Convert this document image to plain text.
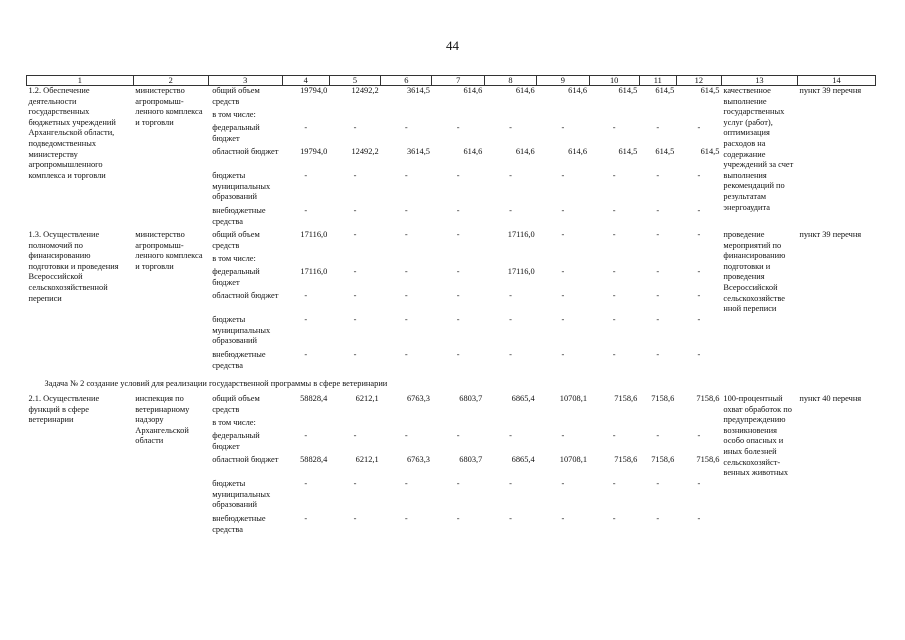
44
1	2	3	4	5	6	7	8	9	10	11	12	13	14
1.2. Обеспечение деятельности государственных бюджетных учреждений Архангельской области, подведомственных министерству агропромышленного комплекса и торговли	министерство агропромыш-ленного комплекса и торговли	общий объем средств	19794,0	12492,2	3614,5	614,6	614,6	614,6	614,5	614,5	614,5	качественное выполнение государственных услуг (работ), оптимизация расходов на содержание учреждений за счет выполнения рекомендаций по результатам энергоаудита	пункт 39 перечня
		в том числе:											
		федеральный бюджет	-	-	-	-	-	-	-	-	-		
		областной бюджет	19794,0	12492,2	3614,5	614,6	614,6	614,6	614,5	614,5	614,5		
		бюджеты муниципальных образований	-	-	-	-	-	-	-	-	-		
		внебюджетные средства	-	-	-	-	-	-	-	-	-		
1.3. Осуществление полномочий по финансированию подготовки и проведения Всероссийской сельскохозяйственной переписи	министерство агропромыш-ленного комплекса и торговли	общий объем средств	17116,0	-	-	-	17116,0	-	-	-	-	проведение мероприятий по финансированию подготовки и проведения Всероссийской сельскохозяйстве нной переписи	пункт 39 перечня
		в том числе:											
		федеральный бюджет	17116,0	-	-	-	17116,0	-	-	-	-		
		областной бюджет	-	-	-	-	-	-	-	-	-		
		бюджеты муниципальных образований	-	-	-	-	-	-	-	-	-		
		внебюджетные средства	-	-	-	-	-	-	-	-	-		
Задача № 2 создание условий для реализации государственной программы в сфере ветеринарии													
2.1. Осуществление функций в сфере ветеринарии	инспекция по ветеринарному надзору Архангельской области	общий объем средств	58828,4	6212,1	6763,3	6803,7	6865,4	10708,1	7158,6	7158,6	7158,6	100-процентный охват обработок по предупреждению возникновения особо опасных и иных болезней сельскохозяйст-венных животных	пункт 40 перечня
		в том числе:											
		федеральный бюджет	-	-	-	-	-	-	-	-	-		
		областной бюджет	58828,4	6212,1	6763,3	6803,7	6865,4	10708,1	7158,6	7158,6	7158,6		
		бюджеты муниципальных образований	-	-	-	-	-	-	-	-	-		
		внебюджетные средства	-	-	-	-	-	-	-	-	-		
